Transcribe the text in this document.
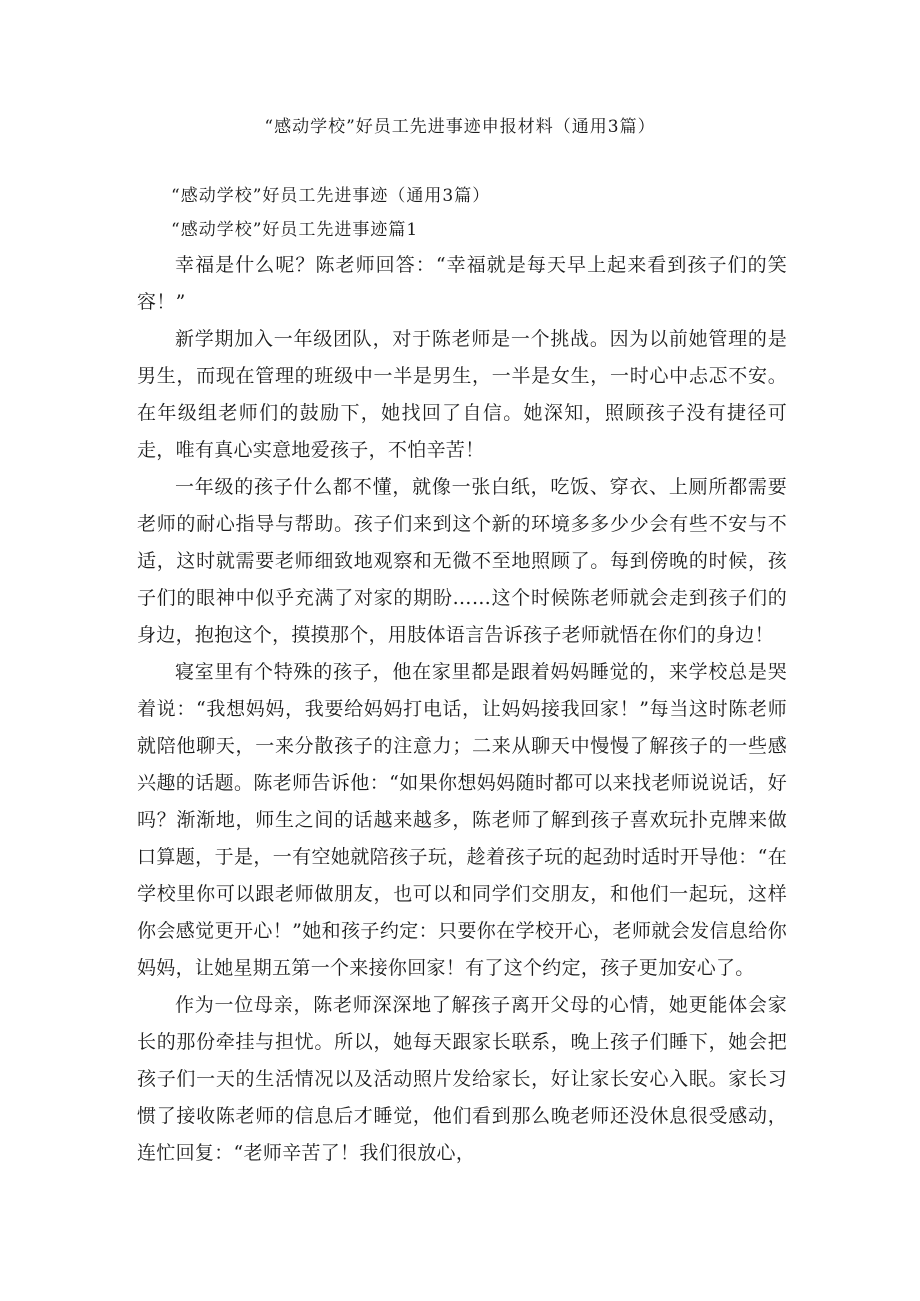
“感动学校”好员工先进事迹申报材料（通用3篇）

“感动学校”好员工先进事迹（通用3篇）

“感动学校”好员工先进事迹篇1

幸福是什么呢？陈老师回答：“幸福就是每天早上起来看到孩子们的笑容！”

新学期加入一年级团队，对于陈老师是一个挑战。因为以前她管理的是男生，而现在管理的班级中一半是男生，一半是女生，一时心中忐忑不安。在年级组老师们的鼓励下，她找回了自信。她深知，照顾孩子没有捷径可走，唯有真心实意地爱孩子，不怕辛苦！

一年级的孩子什么都不懂，就像一张白纸，吃饭、穿衣、上厕所都需要老师的耐心指导与帮助。孩子们来到这个新的环境多多少少会有些不安与不适，这时就需要老师细致地观察和无微不至地照顾了。每到傍晚的时候，孩子们的眼神中似乎充满了对家的期盼……这个时候陈老师就会走到孩子们的身边，抱抱这个，摸摸那个，用肢体语言告诉孩子老师就悟在你们的身边！

寝室里有个特殊的孩子，他在家里都是跟着妈妈睡觉的，来学校总是哭着说：“我想妈妈，我要给妈妈打电话，让妈妈接我回家！”每当这时陈老师就陪他聊天，一来分散孩子的注意力；二来从聊天中慢慢了解孩子的一些感兴趣的话题。陈老师告诉他：“如果你想妈妈随时都可以来找老师说说话，好吗？渐渐地，师生之间的话越来越多，陈老师了解到孩子喜欢玩扑克牌来做口算题，于是，一有空她就陪孩子玩，趁着孩子玩的起劲时适时开导他：“在学校里你可以跟老师做朋友，也可以和同学们交朋友，和他们一起玩，这样你会感觉更开心！”她和孩子约定：只要你在学校开心，老师就会发信息给你妈妈，让她星期五第一个来接你回家！有了这个约定，孩子更加安心了。

作为一位母亲，陈老师深深地了解孩子离开父母的心情，她更能体会家长的那份牵挂与担忧。所以，她每天跟家长联系，晚上孩子们睡下，她会把孩子们一天的生活情况以及活动照片发给家长，好让家长安心入眠。家长习惯了接收陈老师的信息后才睡觉，他们看到那么晚老师还没休息很受感动，连忙回复：“老师辛苦了！我们很放心，
